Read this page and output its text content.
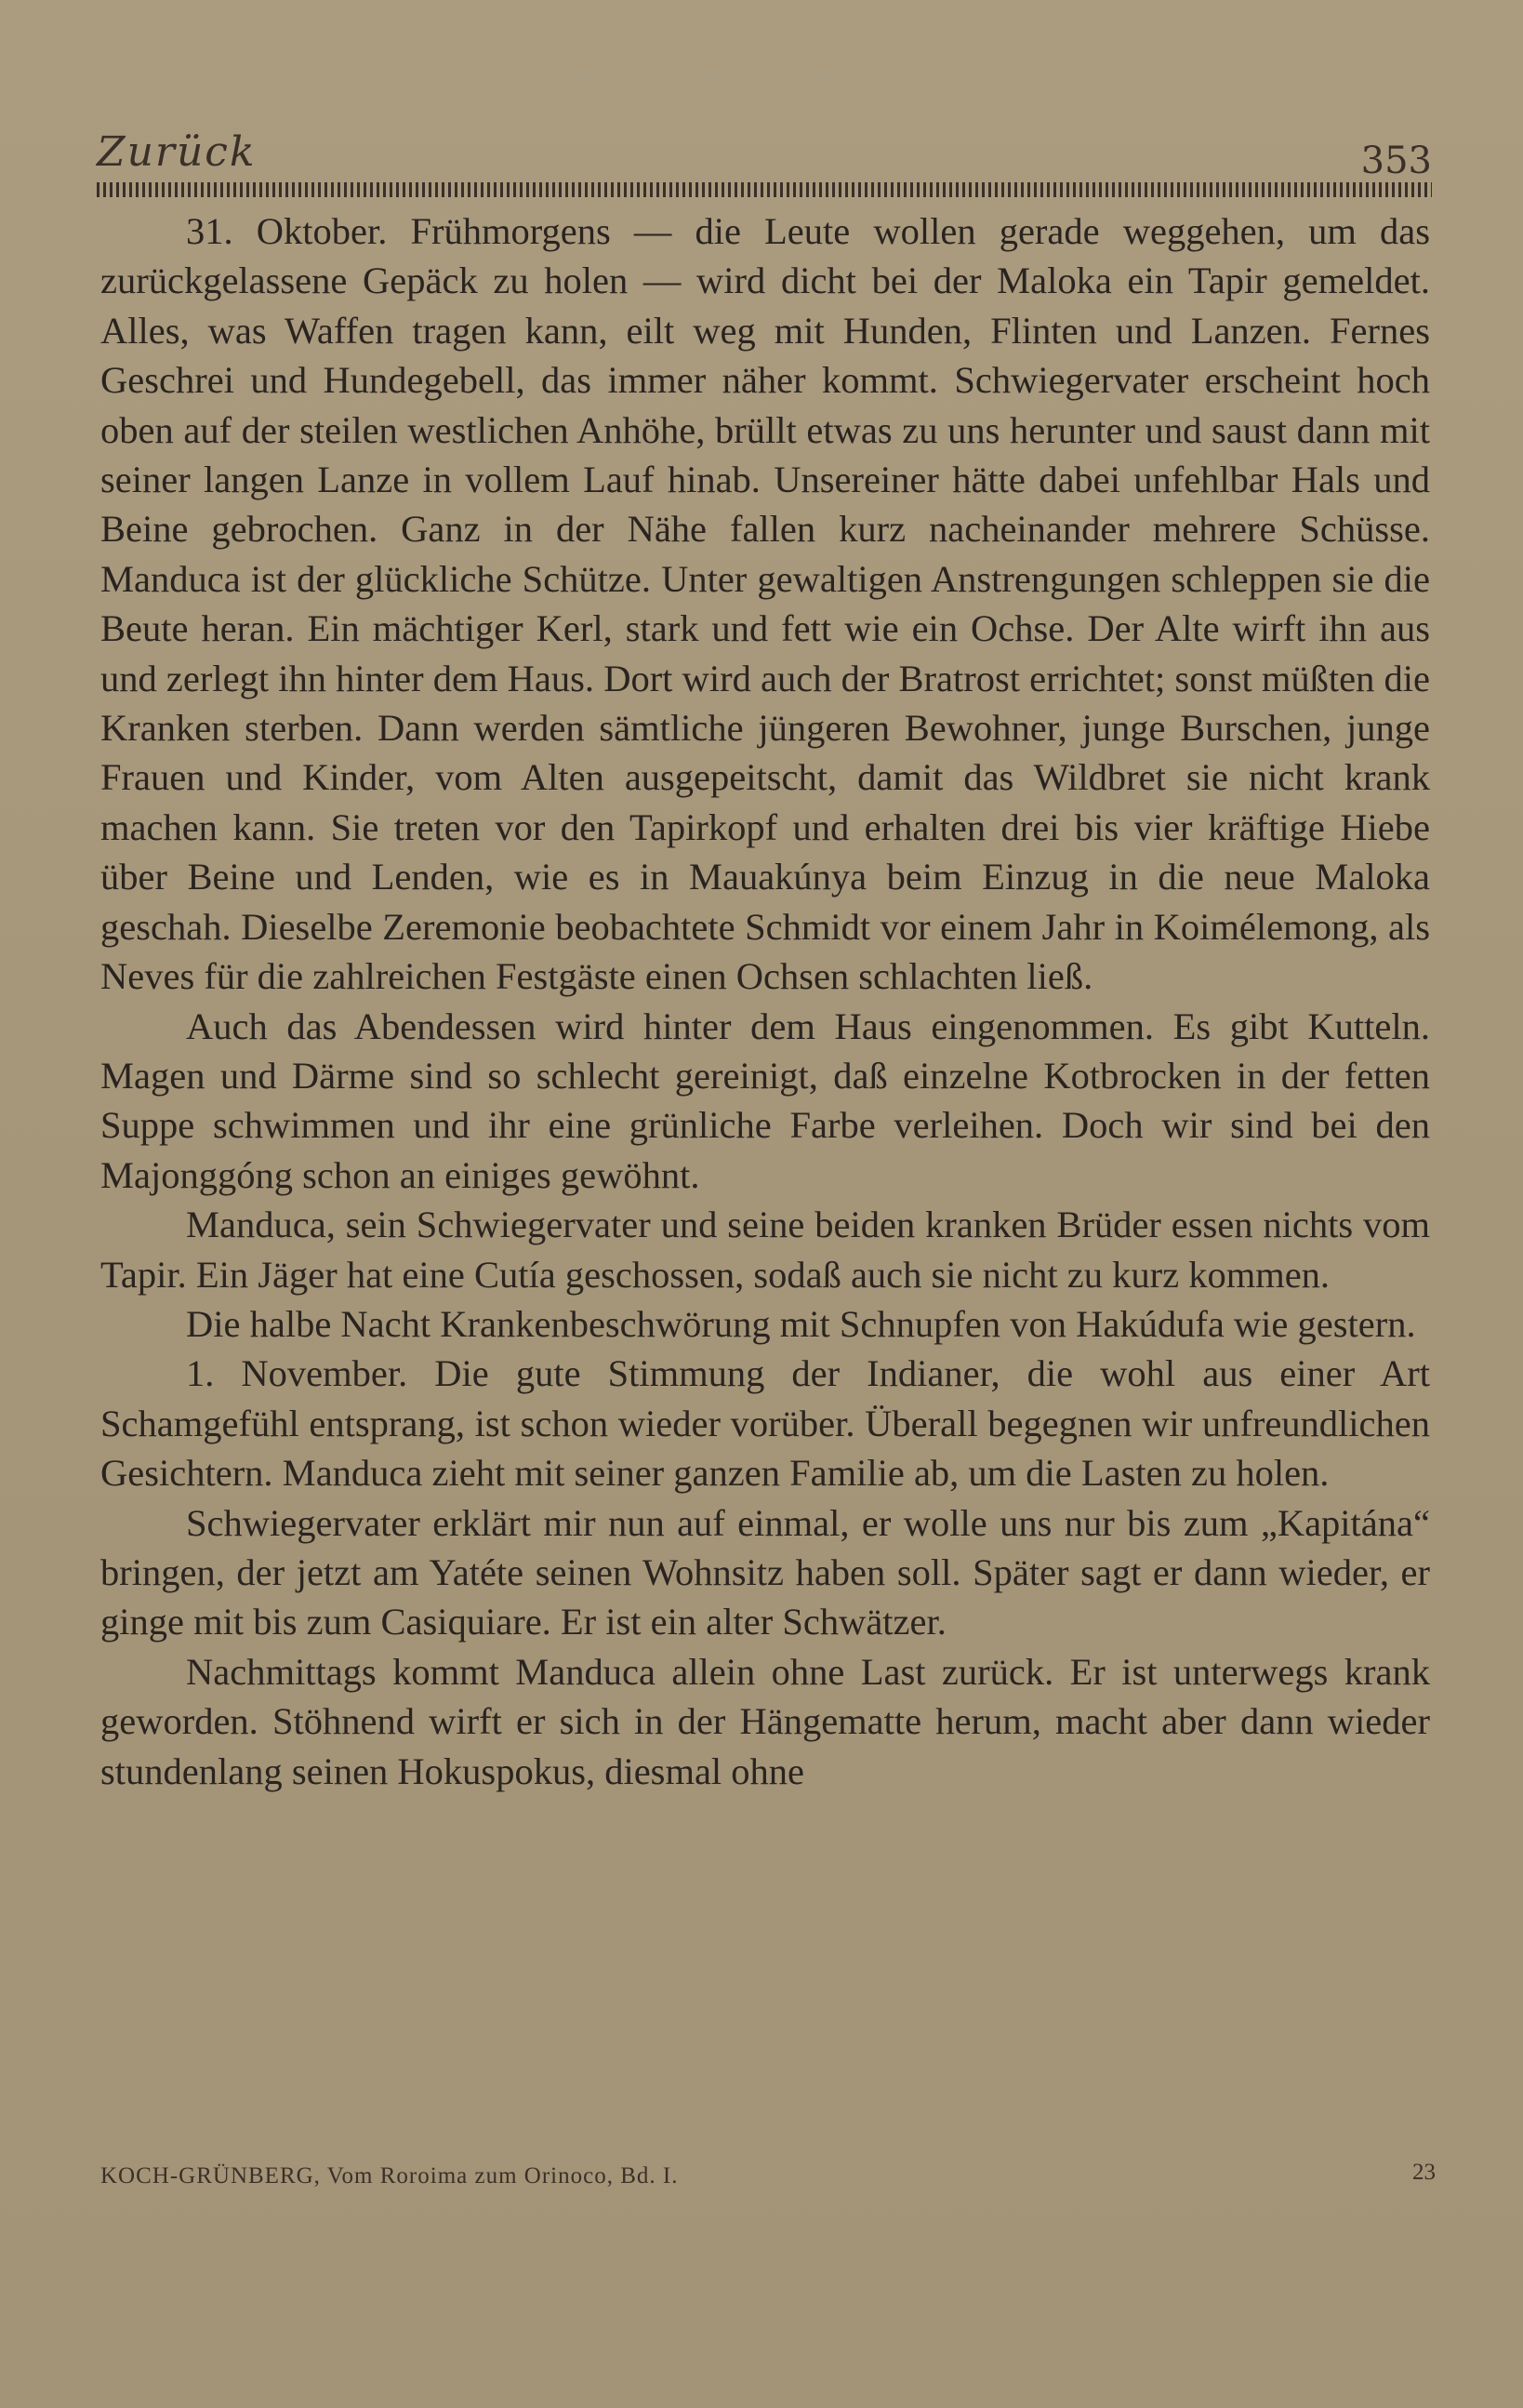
Zurück	353

31. Oktober. Frühmorgens — die Leute wollen gerade weggehen, um das zurückgelassene Gepäck zu holen — wird dicht bei der Maloka ein Tapir gemeldet. Alles, was Waffen tragen kann, eilt weg mit Hunden, Flinten und Lanzen. Fernes Geschrei und Hundegebell, das immer näher kommt. Schwiegervater erscheint hoch oben auf der steilen westlichen Anhöhe, brüllt etwas zu uns herunter und saust dann mit seiner langen Lanze in vollem Lauf hinab. Unsereiner hätte dabei unfehlbar Hals und Beine gebrochen. Ganz in der Nähe fallen kurz nacheinander mehrere Schüsse. Manduca ist der glückliche Schütze. Unter gewaltigen Anstrengungen schleppen sie die Beute heran. Ein mächtiger Kerl, stark und fett wie ein Ochse. Der Alte wirft ihn aus und zerlegt ihn hinter dem Haus. Dort wird auch der Bratrost errichtet; sonst müßten die Kranken sterben. Dann werden sämtliche jüngeren Bewohner, junge Burschen, junge Frauen und Kinder, vom Alten ausgepeitscht, damit das Wildbret sie nicht krank machen kann. Sie treten vor den Tapirkopf und erhalten drei bis vier kräftige Hiebe über Beine und Lenden, wie es in Mauakúnya beim Einzug in die neue Maloka geschah. Dieselbe Zeremonie beobachtete Schmidt vor einem Jahr in Koimélemong, als Neves für die zahlreichen Festgäste einen Ochsen schlachten ließ.

Auch das Abendessen wird hinter dem Haus eingenommen. Es gibt Kutteln. Magen und Därme sind so schlecht gereinigt, daß einzelne Kotbrocken in der fetten Suppe schwimmen und ihr eine grünliche Farbe verleihen. Doch wir sind bei den Majonggóng schon an einiges gewöhnt.

Manduca, sein Schwiegervater und seine beiden kranken Brüder essen nichts vom Tapir. Ein Jäger hat eine Cutía geschossen, sodaß auch sie nicht zu kurz kommen.

Die halbe Nacht Krankenbeschwörung mit Schnupfen von Hakúdufa wie gestern.

1. November. Die gute Stimmung der Indianer, die wohl aus einer Art Schamgefühl entsprang, ist schon wieder vorüber. Überall begegnen wir unfreundlichen Gesichtern. Manduca zieht mit seiner ganzen Familie ab, um die Lasten zu holen.

Schwiegervater erklärt mir nun auf einmal, er wolle uns nur bis zum „Kapitána“ bringen, der jetzt am Yatéte seinen Wohnsitz haben soll. Später sagt er dann wieder, er ginge mit bis zum Casiquiare. Er ist ein alter Schwätzer.

Nachmittags kommt Manduca allein ohne Last zurück. Er ist unterwegs krank geworden. Stöhnend wirft er sich in der Hängematte herum, macht aber dann wieder stundenlang seinen Hokuspokus, diesmal ohne

KOCH-GRÜNBERG, Vom Roroima zum Orinoco, Bd. I.	23
